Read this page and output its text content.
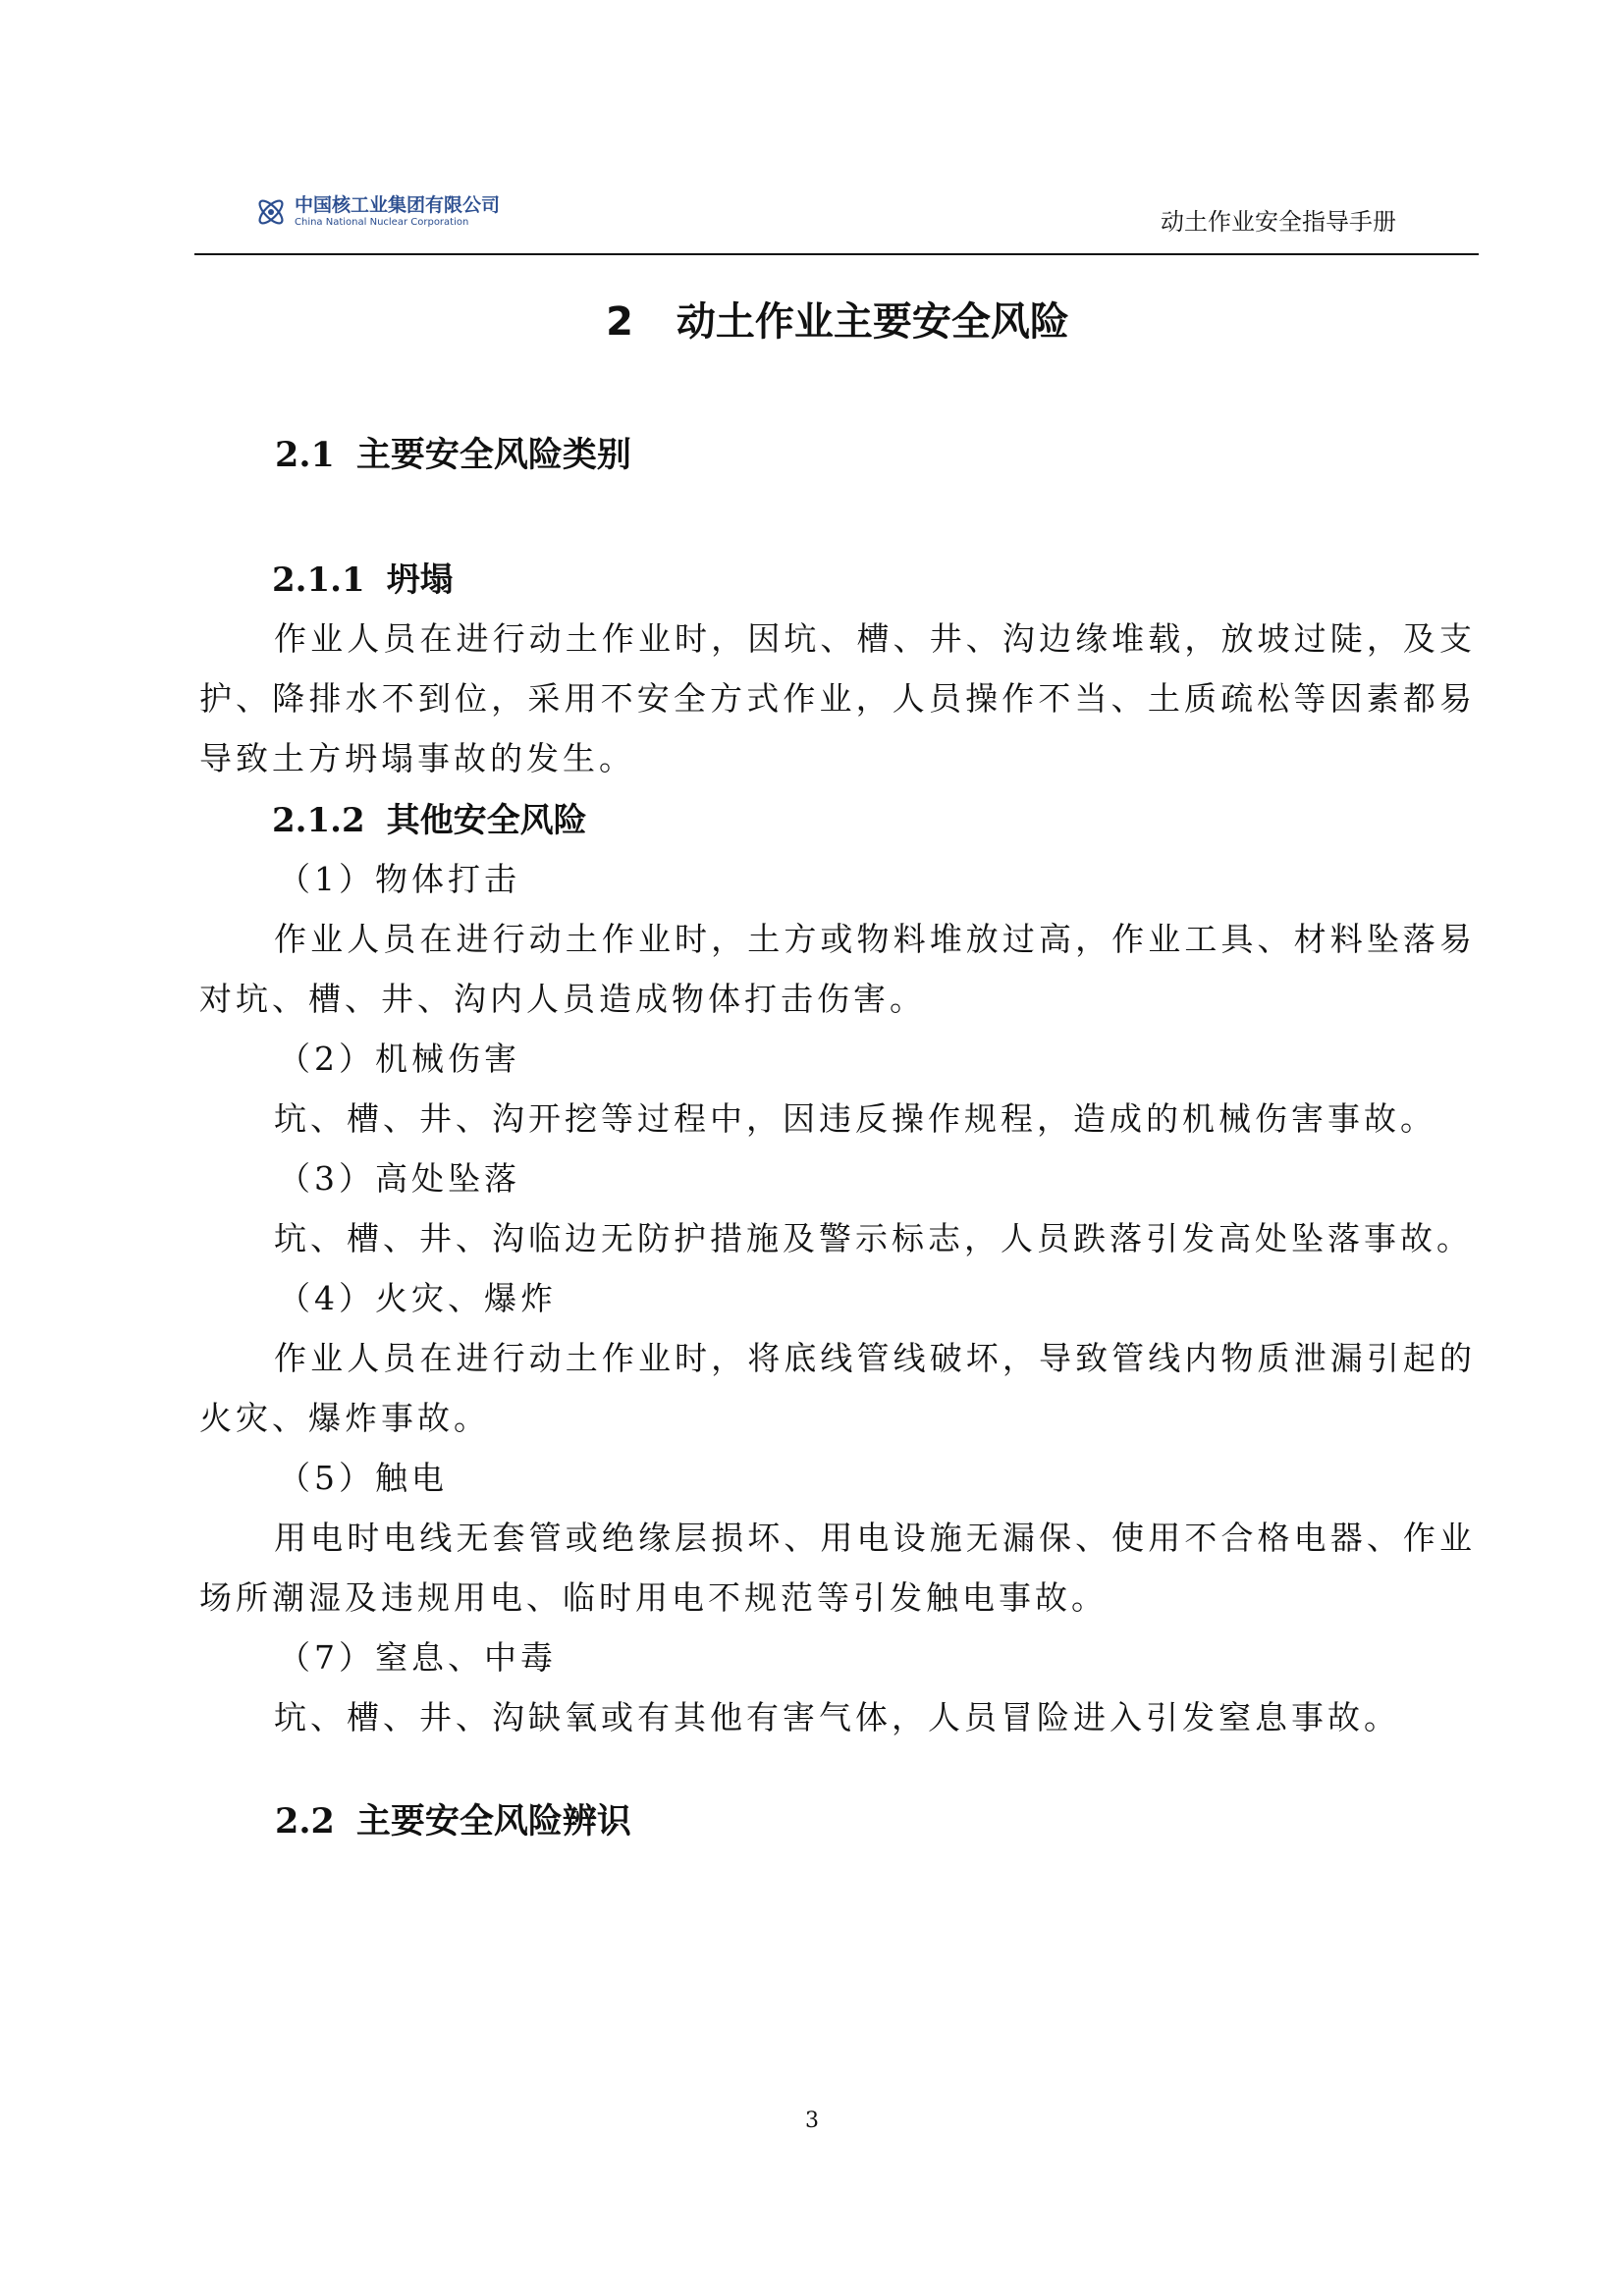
中国核工业集团有限公司
China National Nuclear Corporation	动土作业安全指导手册
2 动土作业主要安全风险
2.1 主要安全风险类别
2.1.1 坍塌

作业人员在进行动土作业时，因坑、槽、井、沟边缘堆载，放坡过陡，及支护、降排水不到位，采用不安全方式作业，人员操作不当、土质疏松等因素都易导致土方坍塌事故的发生。

2.1.2 其他安全风险

（1）物体打击

作业人员在进行动土作业时，土方或物料堆放过高，作业工具、材料坠落易对坑、槽、井、沟内人员造成物体打击伤害。

（2）机械伤害

坑、槽、井、沟开挖等过程中，因违反操作规程，造成的机械伤害事故。

（3）高处坠落

坑、槽、井、沟临边无防护措施及警示标志，人员跌落引发高处坠落事故。

（4）火灾、爆炸

作业人员在进行动土作业时，将底线管线破坏，导致管线内物质泄漏引起的火灾、爆炸事故。

（5）触电

用电时电线无套管或绝缘层损坏、用电设施无漏保、使用不合格电器、作业场所潮湿及违规用电、临时用电不规范等引发触电事故。

（7）窒息、中毒

坑、槽、井、沟缺氧或有其他有害气体，人员冒险进入引发窒息事故。

2.2 主要安全风险辨识
3
